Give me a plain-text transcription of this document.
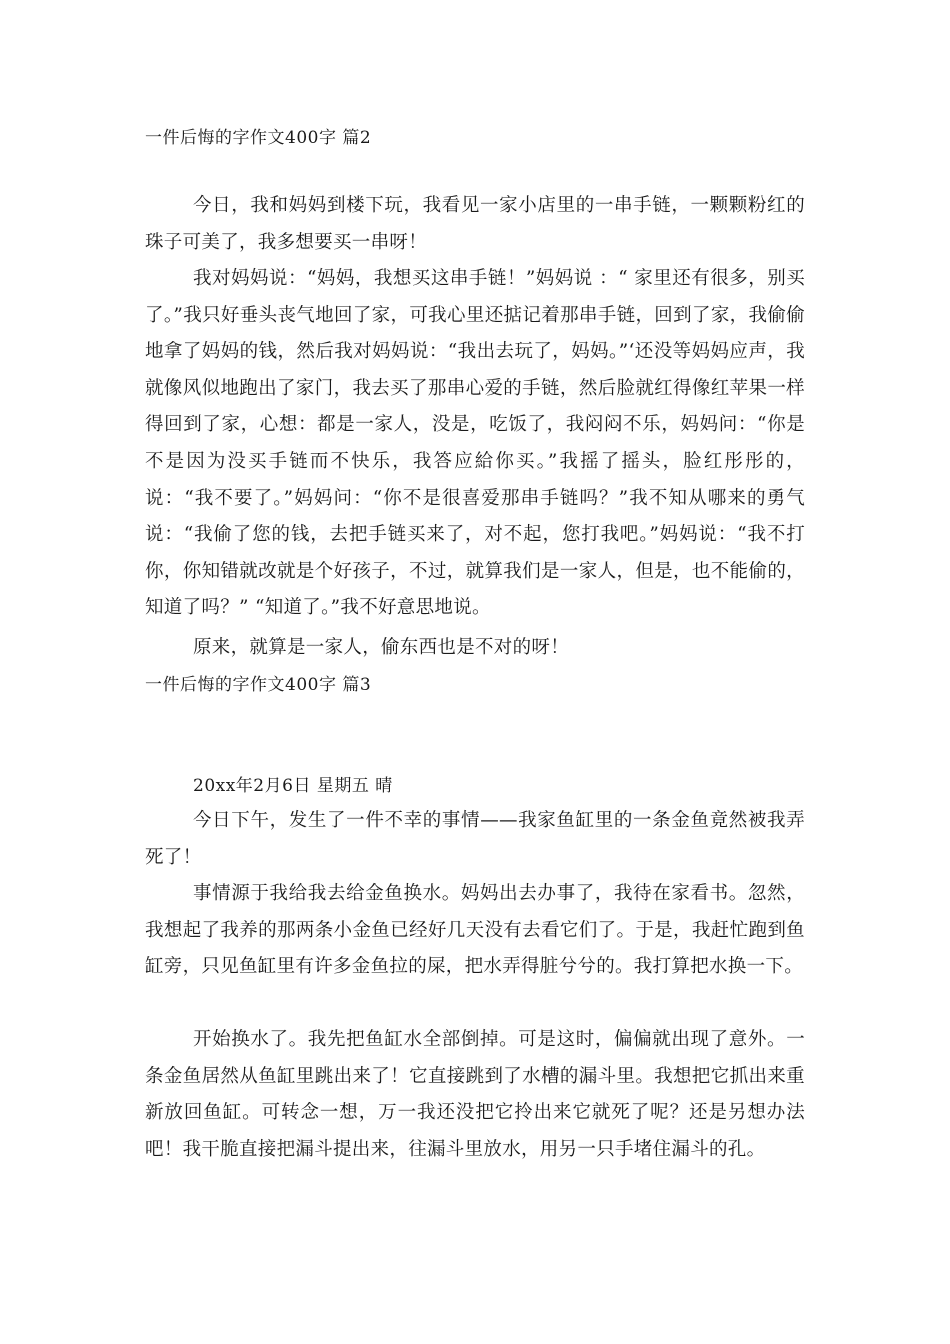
一件后悔的字作文400字 篇2

今日，我和妈妈到楼下玩，我看见一家小店里的一串手链，一颗颗粉红的珠子可美了，我多想要买一串呀！

我对妈妈说：“妈妈，我想买这串手链！”妈妈说 ：“ 家里还有很多，别买了。”我只好垂头丧气地回了家，可我心里还掂记着那串手链，回到了家，我偷偷地拿了妈妈的钱，然后我对妈妈说：“我出去玩了，妈妈。”‘还没等妈妈应声，我就像风似地跑出了家门，我去买了那串心爱的手链，然后脸就红得像红苹果一样得回到了家，心想：都是一家人，没是，吃饭了，我闷闷不乐，妈妈问：“你是不是因为没买手链而不快乐，我答应給你买。”我摇了摇头，脸红彤彤的，说：“我不要了。”妈妈问：“你不是很喜爱那串手链吗？”我不知从哪来的勇气说：“我偷了您的钱，去把手链买来了，对不起，您打我吧。”妈妈说：“我不打你，你知错就改就是个好孩子，不过，就算我们是一家人，但是，也不能偷的，知道了吗？” “知道了。”我不好意思地说。

原来，就算是一家人，偷东西也是不对的呀！

一件后悔的字作文400字 篇3
20xx年2月6日 星期五 晴

今日下午，发生了一件不幸的事情——我家鱼缸里的一条金鱼竟然被我弄死了！

事情源于我给我去给金鱼换水。妈妈出去办事了，我待在家看书。忽然，我想起了我养的那两条小金鱼已经好几天没有去看它们了。于是，我赶忙跑到鱼缸旁，只见鱼缸里有许多金鱼拉的屎，把水弄得脏兮兮的。我打算把水换一下。

开始换水了。我先把鱼缸水全部倒掉。可是这时，偏偏就出现了意外。一条金鱼居然从鱼缸里跳出来了！它直接跳到了水槽的漏斗里。我想把它抓出来重新放回鱼缸。可转念一想，万一我还没把它拎出来它就死了呢？还是另想办法吧！我干脆直接把漏斗提出来，往漏斗里放水，用另一只手堵住漏斗的孔。
